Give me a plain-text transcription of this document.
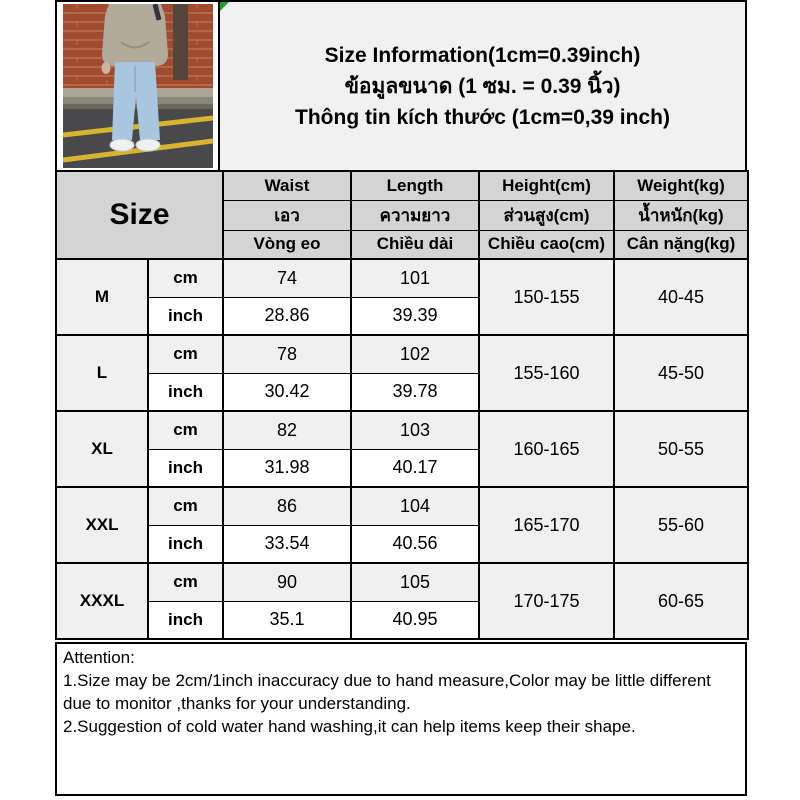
Size Information(1cm=0.39inch)
ข้อมูลขนาด (1 ซม. = 0.39 นิ้ว)
Thông tin kích thước (1cm=0,39 inch)
Size		Waist	Length	Height(cm)	Weight(kg)
		เอว	ความยาว	ส่วนสูง(cm)	น้ำหนัก(kg)
		Vòng eo	Chiều dài	Chiều cao(cm)	Cân nặng(kg)
M	cm	74	101	150-155	40-45
	inch	28.86	39.39		
L	cm	78	102	155-160	45-50
	inch	30.42	39.78		
XL	cm	82	103	160-165	50-55
	inch	31.98	40.17		
XXL	cm	86	104	165-170	55-60
	inch	33.54	40.56		
XXXL	cm	90	105	170-175	60-65
	inch	35.1	40.95		
Attention:
1.Size may be 2cm/1inch inaccuracy due to hand measure,Color may be little different due to monitor ,thanks for your understanding.
2.Suggestion of cold water hand washing,it can help items keep their shape.
